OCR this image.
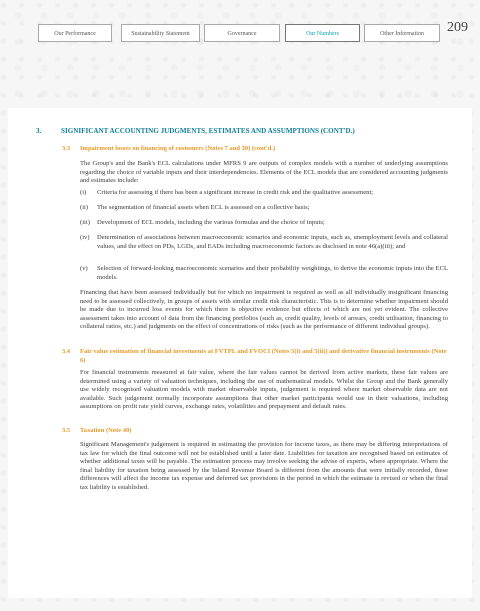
Our Performance	Sustainability Statement	Governance	Our Numbers	Other Information	209
3.	SIGNIFICANT ACCOUNTING JUDGMENTS, ESTIMATES AND ASSUMPTIONS (CONT'D.)
3.3 Impairment losses on financing of customers (Notes 7 and 30) (cont'd.)
The Group's and the Bank's ECL calculations under MFRS 9 are outputs of complex models with a number of underlying assumptions regarding the choice of variable inputs and their interdependencies. Elements of the ECL models that are considered accounting judgments and estimates include:
(i) Criteria for assessing if there has been a significant increase in credit risk and the qualitative assessment;
(ii) The segmentation of financial assets when ECL is assessed on a collective basis;
(iii) Development of ECL models, including the various formulas and the choice of inputs;
(iv) Determination of associations between macroeconomic scenarios and economic inputs, such as, unemployment levels and collateral values, and the effect on PDs, LGDs, and EADs including macroeconomic factors as disclosed in note 46(a)(iii); and
(v) Selection of forward-looking macroeconomic scenarios and their probability weightings, to derive the economic inputs into the ECL models.
Financing that have been assessed individually but for which no impairment is required as well as all individually insignificant financing need to be assessed collectively, in groups of assets with similar credit risk characteristic. This is to determine whether impairment should be made due to incurred loss events for which there is objective evidence but effects of which are not yet evident. The collective assessment takes into account of data from the financing portfolios (such as, credit quality, levels of arrears, credit utilisation, financing to collateral ratios, etc.) and judgments on the effect of concentrations of risks (such as the performance of different individual groups).
3.4 Fair value estimation of financial investments at FVTPL and FVOCI (Notes 5(i) and 5(ii)) and derivative financial instruments (Note 6)
For financial instruments measured at fair value, where the fair values cannot be derived from active markets, these fair values are determined using a variety of valuation techniques, including the use of mathematical models. Whilst the Group and the Bank generally use widely recognised valuation models with market observable inputs, judgement is required where market observable data are not available. Such judgement normally incorporate assumptions that other market participants would use in their valuations, including assumptions on profit rate yield curves, exchange rates, volatilities and prepayment and default rates.
3.5 Taxation (Note 40)
Significant Management's judgement is required in estimating the provision for income taxes, as there may be differing interpretations of tax law for which the final outcome will not be established until a later date. Liabilities for taxation are recognised based on estimates of whether additional taxes will be payable. The estimation process may involve seeking the advise of experts, where appropriate. Where the final liability for taxation being assessed by the Inland Revenue Board is different from the amounts that were initially recorded, these differences will affect the income tax expense and deferred tax provisions in the period in which the estimate is revised or when the final tax liability is established.
